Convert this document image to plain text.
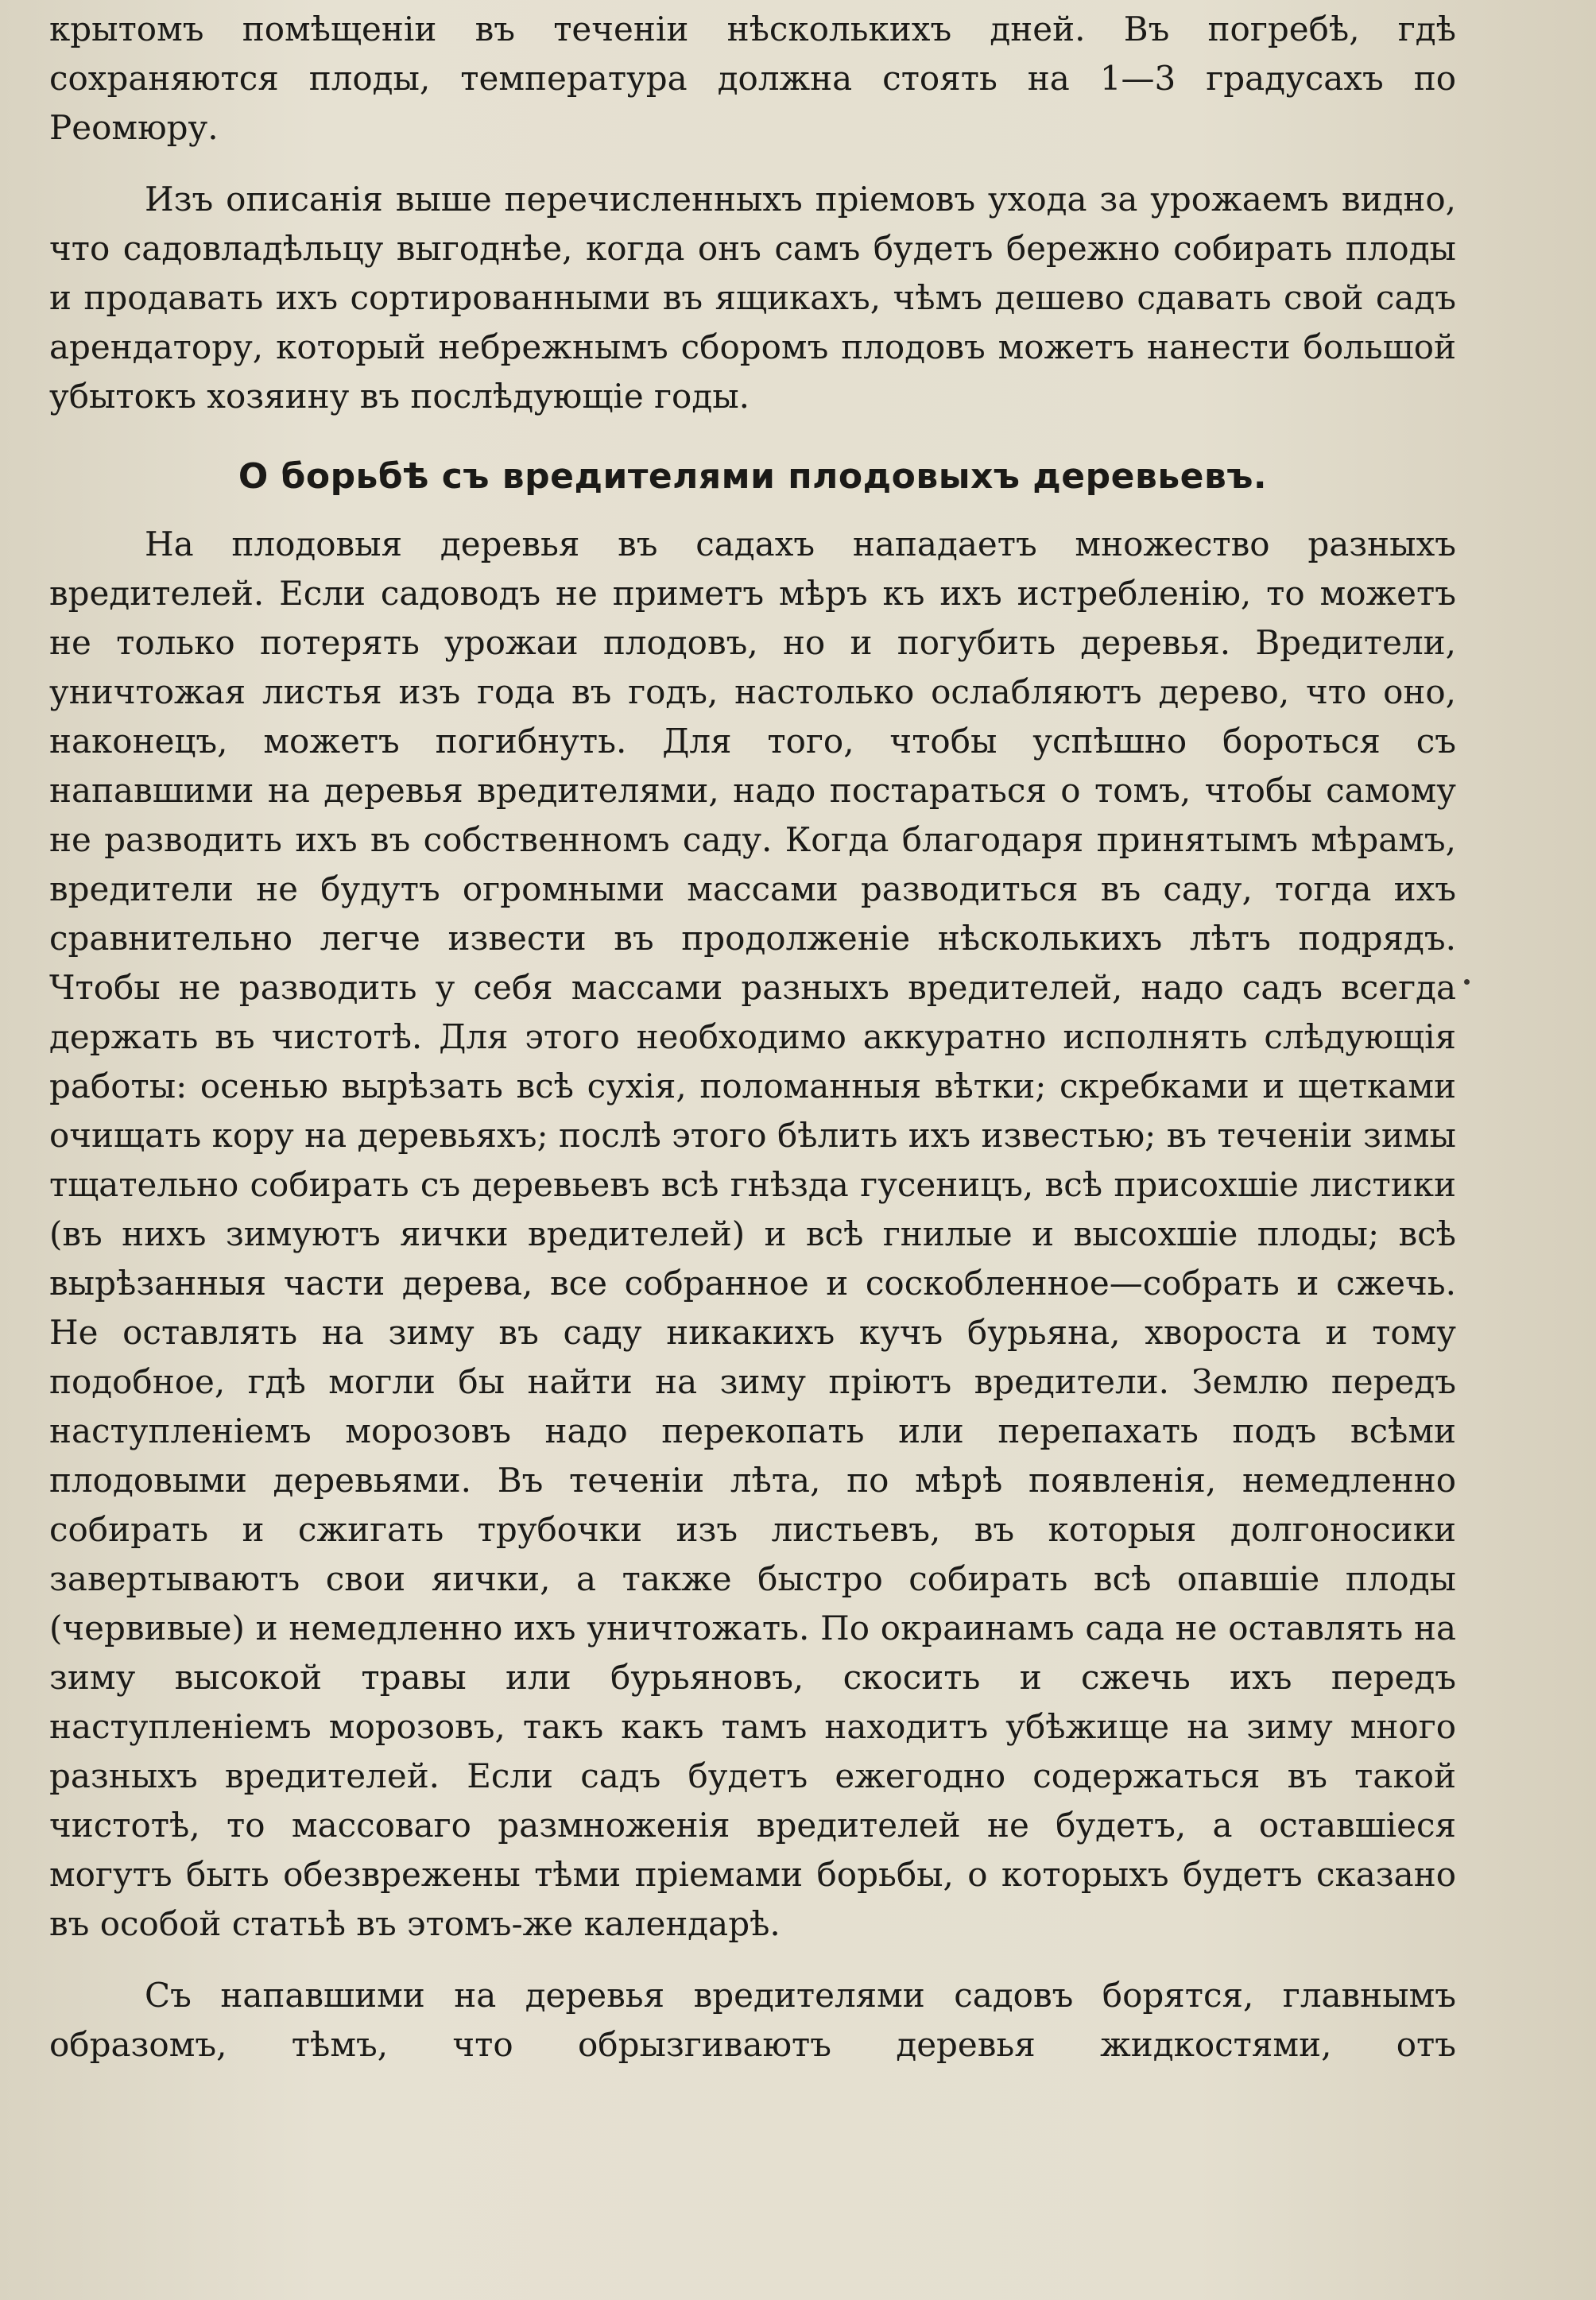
крытомъ помѣщеніи въ теченіи нѣсколькихъ дней. Въ погребѣ, гдѣ сохраняются плоды, температура должна стоять на 1—3 градусахъ по Реомюру.

Изъ описанія выше перечисленныхъ пріемовъ ухода за урожаемъ видно, что садовладѣльцу выгоднѣе, когда онъ самъ будетъ бережно собирать плоды и продавать ихъ сортированными въ ящикахъ, чѣмъ дешево сдавать свой садъ арендатору, который небрежнымъ сборомъ плодовъ можетъ нанести большой убытокъ хозяину въ послѣдующіе годы.

О борьбѣ съ вредителями плодовыхъ деревьевъ.

На плодовыя деревья въ садахъ нападаетъ множество разныхъ вредителей. Если садоводъ не приметъ мѣръ къ ихъ истребленію, то можетъ не только потерять урожаи плодовъ, но и погубить деревья. Вредители, уничтожая листья изъ года въ годъ, настолько ослабляютъ дерево, что оно, наконецъ, можетъ погибнуть. Для того, чтобы успѣшно бороться съ напавшими на деревья вредителями, надо постараться о томъ, чтобы самому не разводить ихъ въ собственномъ саду. Когда благодаря принятымъ мѣрамъ, вредители не будутъ огромными массами разводиться въ саду, тогда ихъ сравнительно легче извести въ продолженіе нѣсколькихъ лѣтъ подрядъ. Чтобы не разводить у себя массами разныхъ вредителей, надо садъ всегда держать въ чистотѣ. Для этого необходимо аккуратно исполнять слѣдующія работы: осенью вырѣзать всѣ сухія, поломанныя вѣтки; скребками и щетками очищать кору на деревьяхъ; послѣ этого бѣлить ихъ известью; въ теченіи зимы тщательно собирать съ деревьевъ всѣ гнѣзда гусеницъ, всѣ присохшіе листики (въ нихъ зимуютъ яички вредителей) и всѣ гнилые и высохшіе плоды; всѣ вырѣзанныя части дерева, все собранное и соскобленное—собрать и сжечь. Не оставлять на зиму въ саду никакихъ кучъ бурьяна, хвороста и тому подобное, гдѣ могли бы найти на зиму пріютъ вредители. Землю передъ наступленіемъ морозовъ надо перекопать или перепахать подъ всѣми плодовыми деревьями. Въ теченіи лѣта, по мѣрѣ появленія, немедленно собирать и сжигать трубочки изъ листьевъ, въ которыя долгоносики завертываютъ свои яички, а также быстро собирать всѣ опавшіе плоды (червивые) и немедленно ихъ уничтожать. По окраинамъ сада не оставлять на зиму высокой травы или бурьяновъ, скосить и сжечь ихъ передъ наступленіемъ морозовъ, такъ какъ тамъ находитъ убѣжище на зиму много разныхъ вредителей. Если садъ будетъ ежегодно содержаться въ такой чистотѣ, то массоваго размноженія вредителей не будетъ, а оставшіеся могутъ быть обезврежены тѣми пріемами борьбы, о которыхъ будетъ сказано въ особой статьѣ въ этомъ-же календарѣ.

Съ напавшими на деревья вредителями садовъ борятся, главнымъ образомъ, тѣмъ, что обрызгиваютъ деревья жидкостями, отъ
